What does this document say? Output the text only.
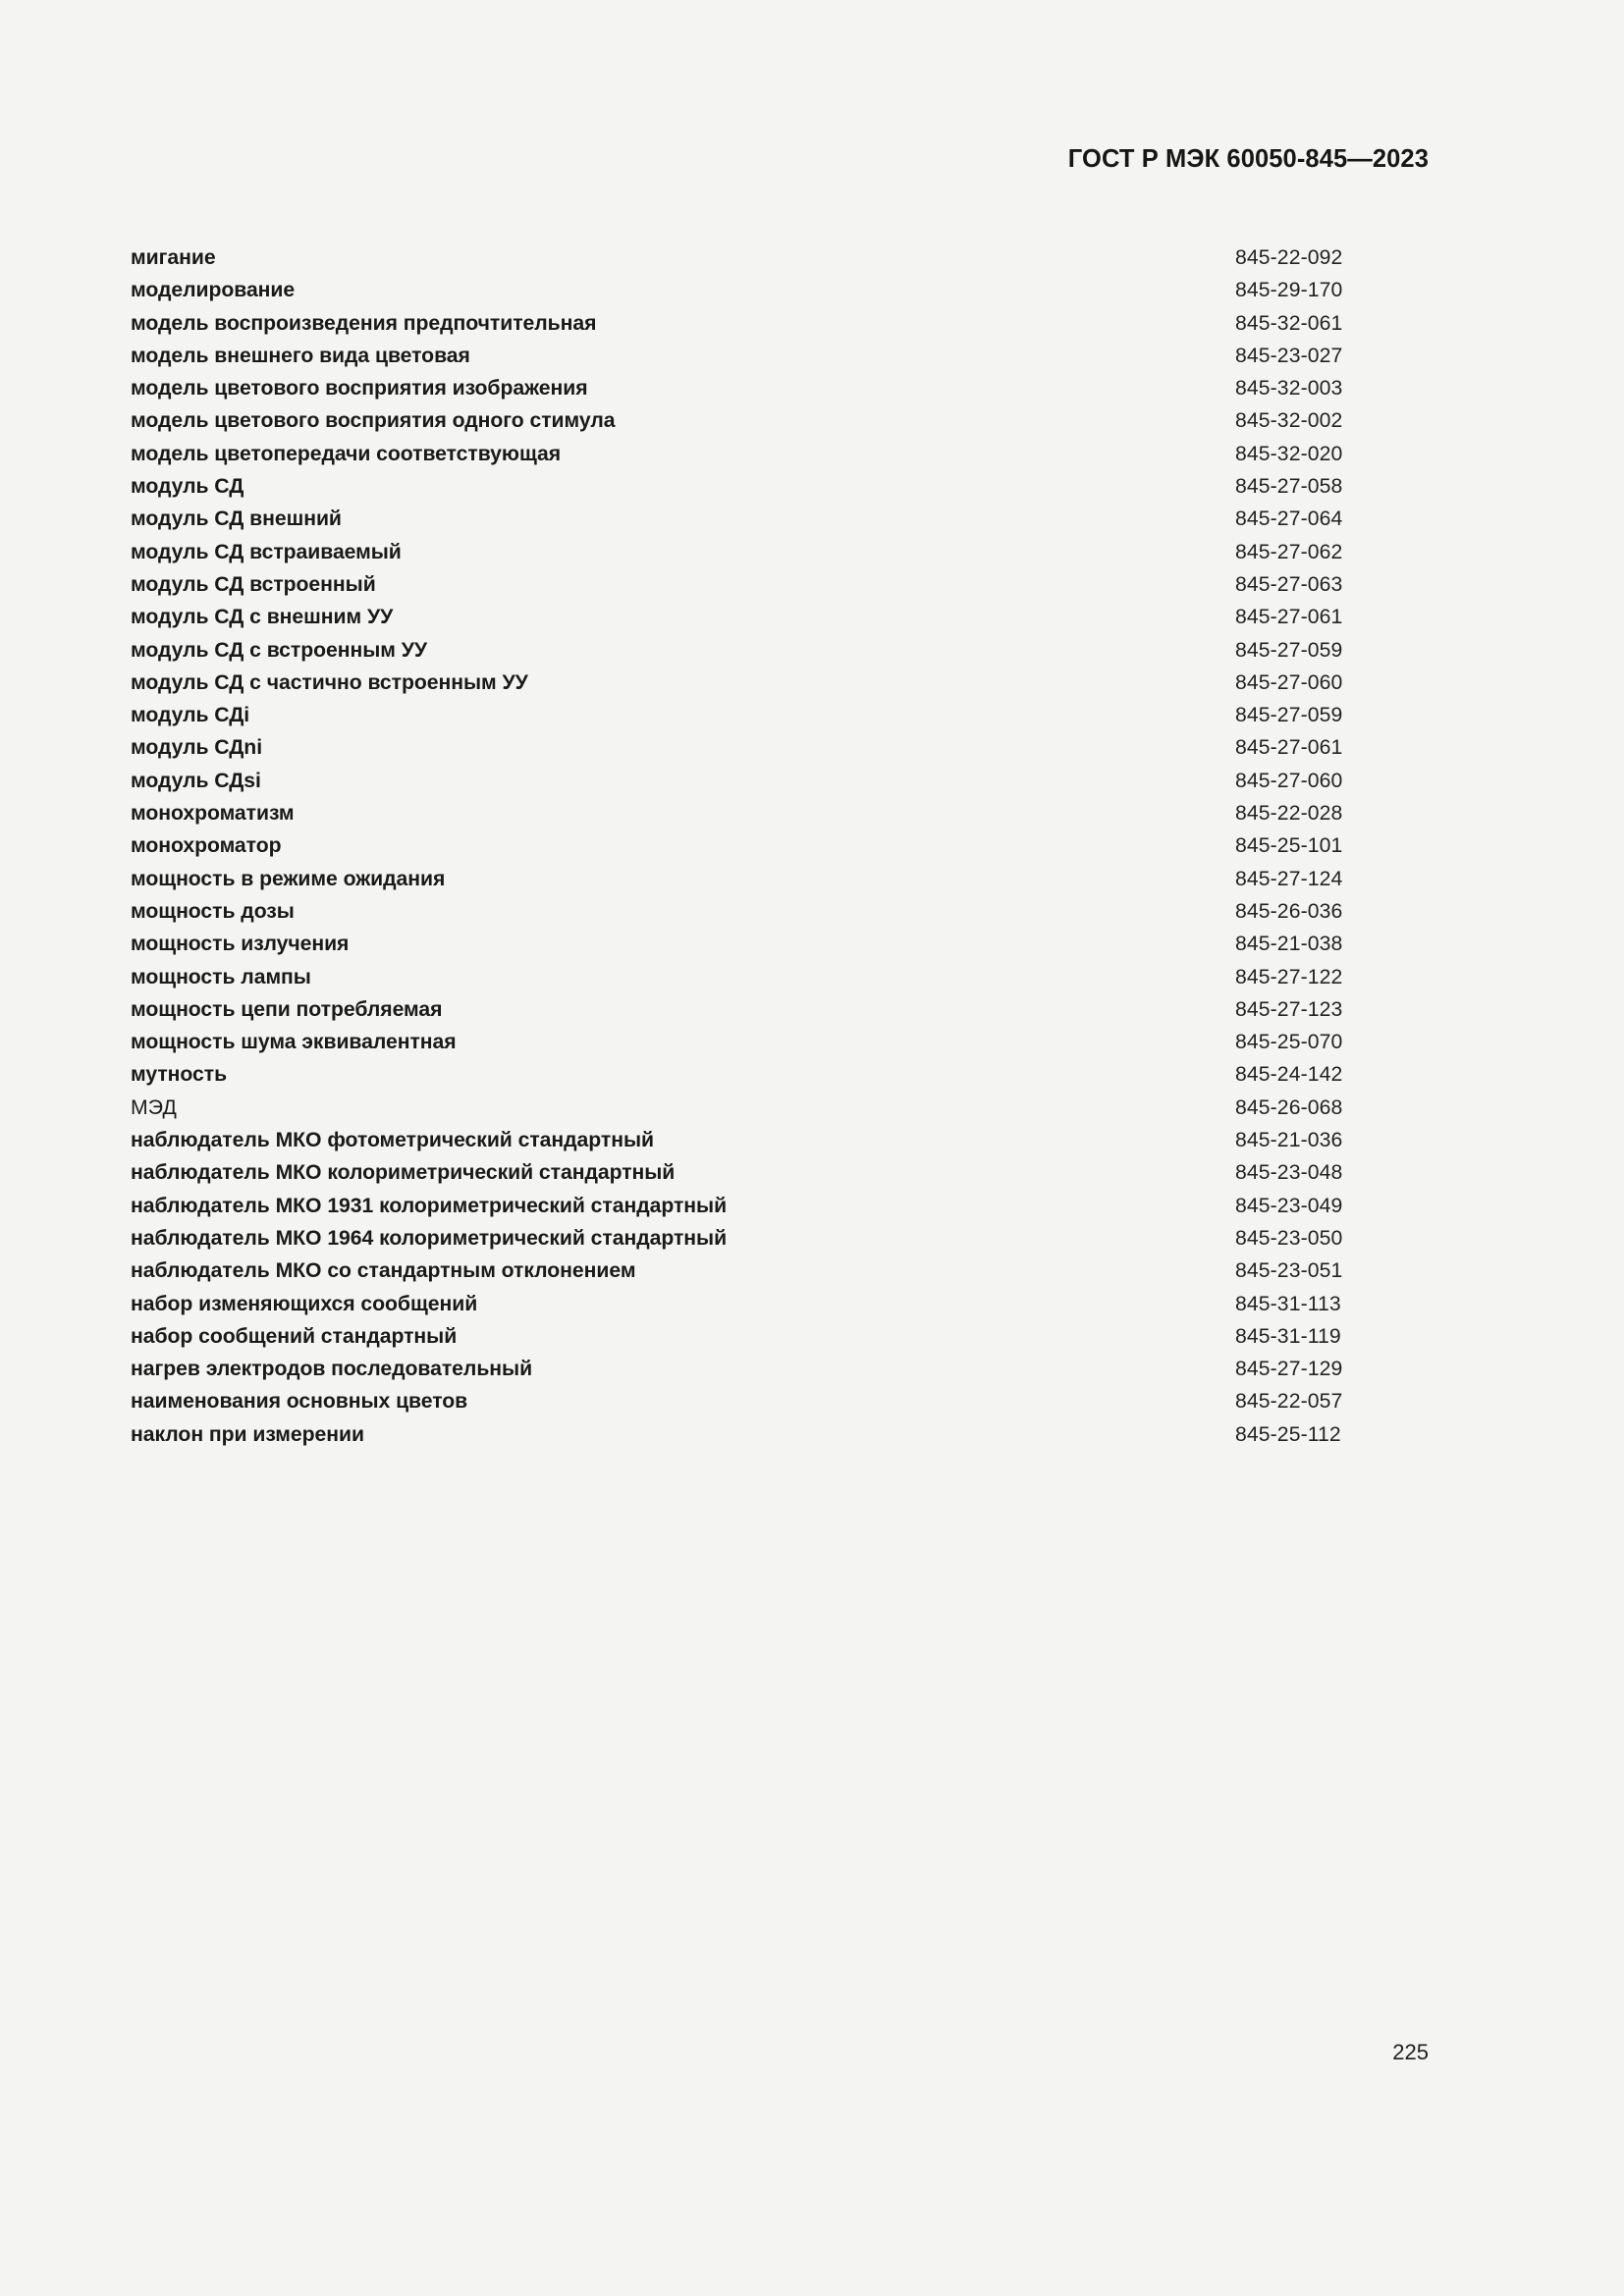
ГОСТ Р МЭК 60050-845—2023
мигание	845-22-092
моделирование	845-29-170
модель воспроизведения предпочтительная	845-32-061
модель внешнего вида цветовая	845-23-027
модель цветового восприятия изображения	845-32-003
модель цветового восприятия одного стимула	845-32-002
модель цветопередачи соответствующая	845-32-020
модуль СД	845-27-058
модуль СД внешний	845-27-064
модуль СД встраиваемый	845-27-062
модуль СД встроенный	845-27-063
модуль СД с внешним УУ	845-27-061
модуль СД с встроенным УУ	845-27-059
модуль СД с частично встроенным УУ	845-27-060
модуль СДi	845-27-059
модуль СДni	845-27-061
модуль СДsi	845-27-060
монохроматизм	845-22-028
монохроматор	845-25-101
мощность в режиме ожидания	845-27-124
мощность дозы	845-26-036
мощность излучения	845-21-038
мощность лампы	845-27-122
мощность цепи потребляемая	845-27-123
мощность шума эквивалентная	845-25-070
мутность	845-24-142
МЭД	845-26-068
наблюдатель МКО фотометрический стандартный	845-21-036
наблюдатель МКО колориметрический стандартный	845-23-048
наблюдатель МКО 1931 колориметрический стандартный	845-23-049
наблюдатель МКО 1964 колориметрический стандартный	845-23-050
наблюдатель МКО со стандартным отклонением	845-23-051
набор изменяющихся сообщений	845-31-113
набор сообщений стандартный	845-31-119
нагрев электродов последовательный	845-27-129
наименования основных цветов	845-22-057
наклон при измерении	845-25-112
225
